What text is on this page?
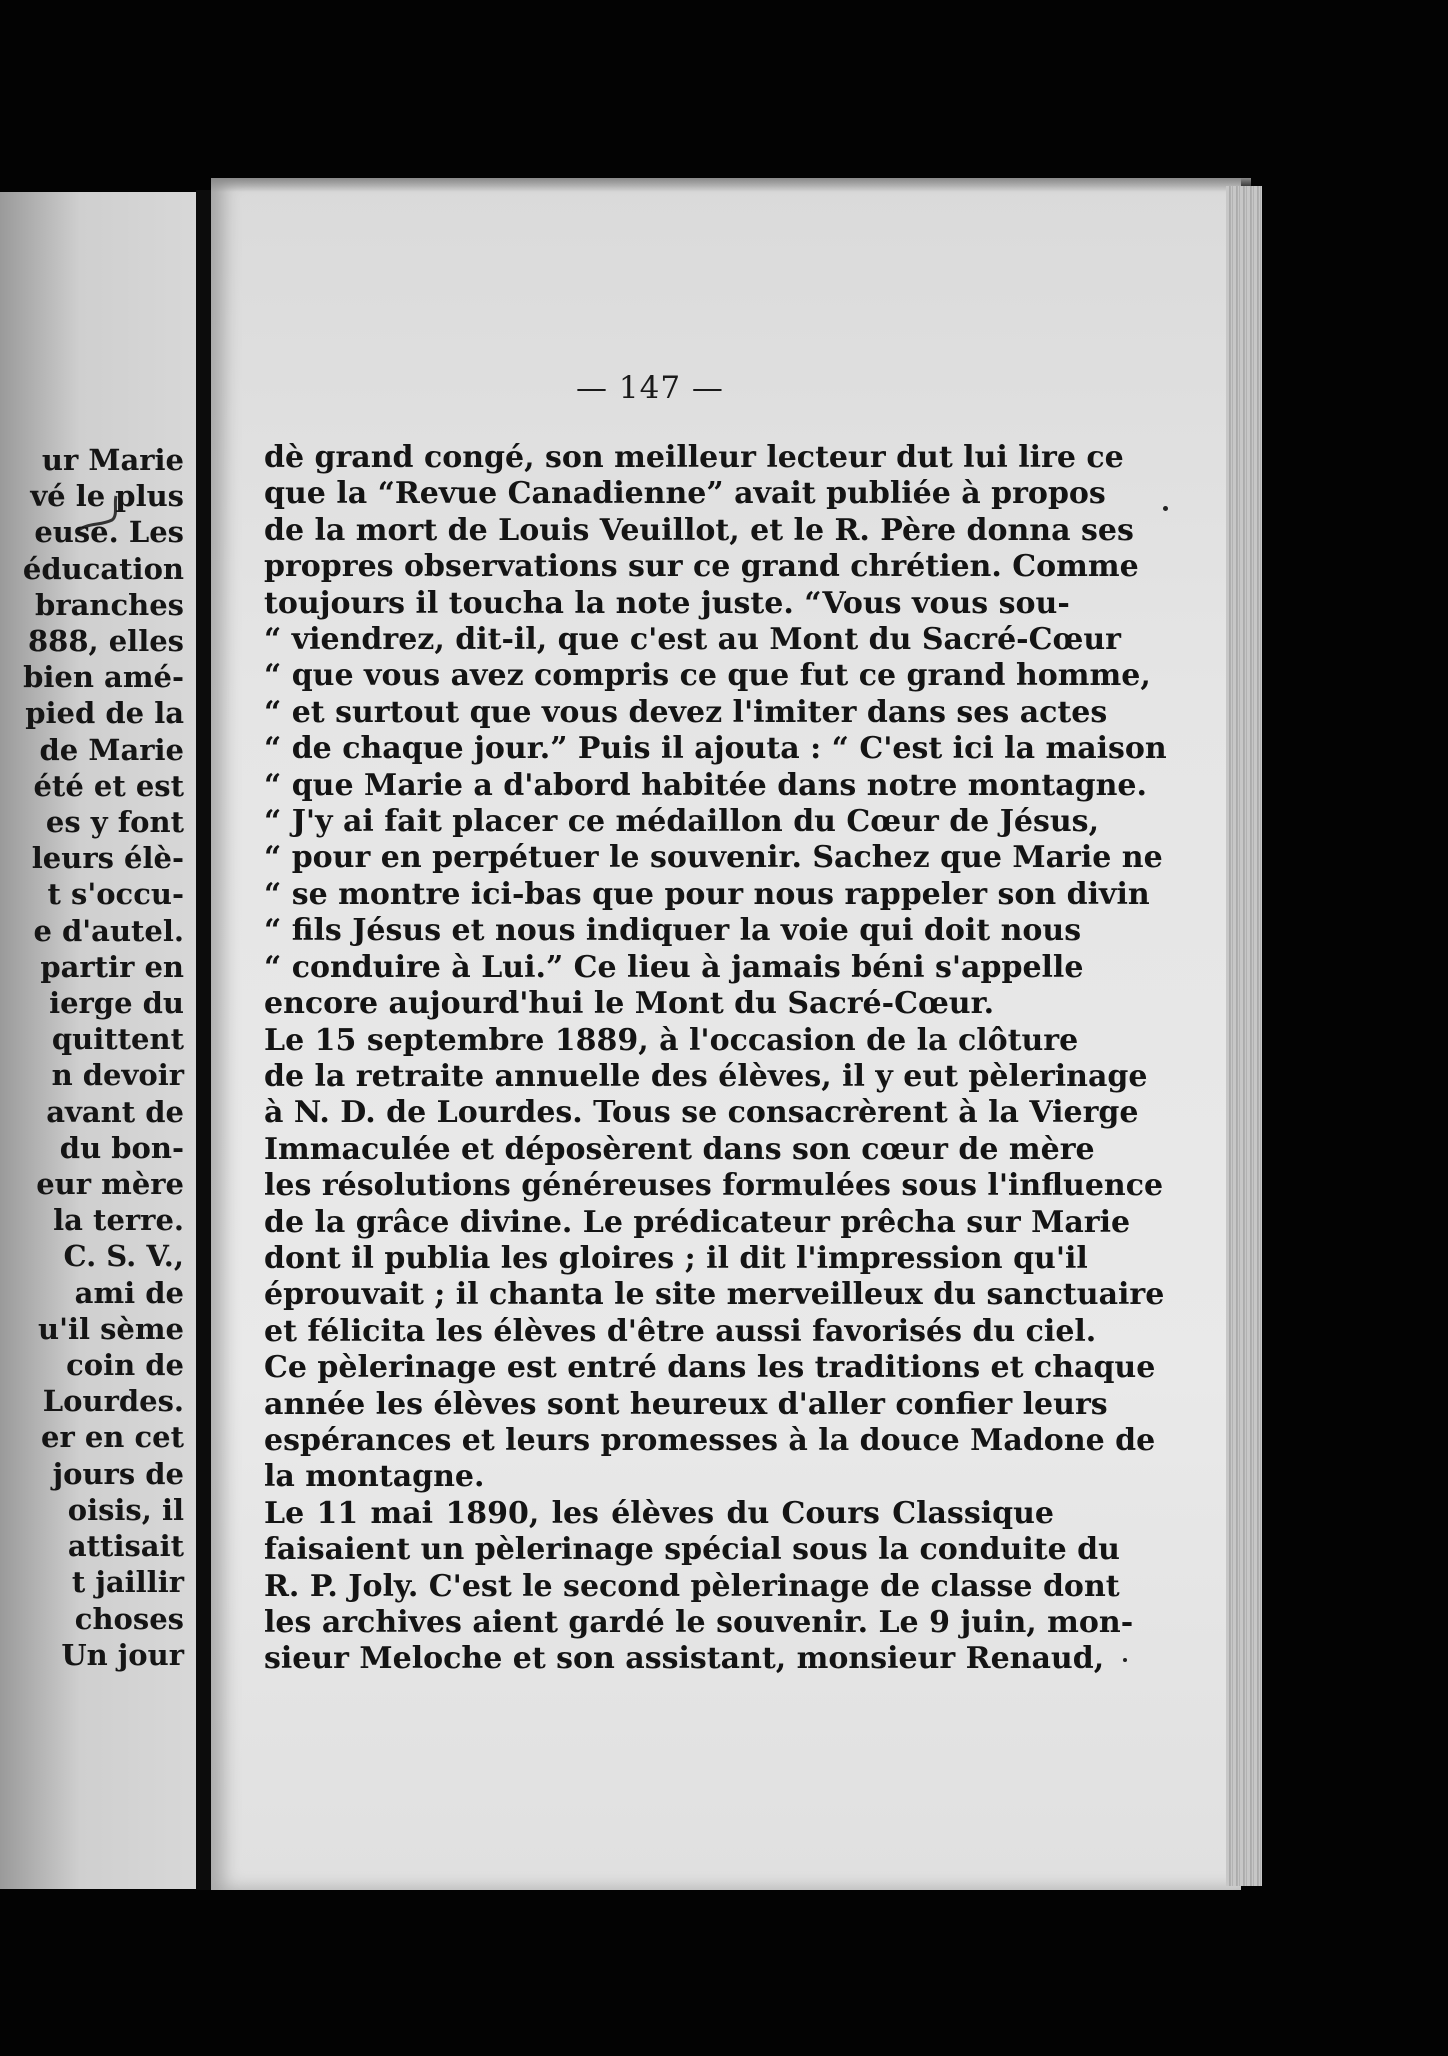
ur Marie
vé le plus
euse. Les
éducation
branches
888, elles
bien amé-
pied de la
de Marie
été et est
es y font
leurs élè-
t s'occu-
e d'autel.
partir en
ierge du
quittent
n devoir
avant de
du bon-
eur mère
la terre.
C. S. V.,
ami de
u'il sème
coin de
Lourdes.
er en cet
jours de
oisis, il
attisait
t jaillir
choses
Un jour
— 147 —
dè grand congé, son meilleur lecteur dut lui lire ce
que la “Revue Canadienne” avait publiée à propos
de la mort de Louis Veuillot, et le R. Père donna ses
propres observations sur ce grand chrétien. Comme
toujours il toucha la note juste. “Vous vous sou-
“ viendrez, dit-il, que c'est au Mont du Sacré-Cœur
“ que vous avez compris ce que fut ce grand homme,
“ et surtout que vous devez l'imiter dans ses actes
“ de chaque jour.” Puis il ajouta : “ C'est ici la maison
“ que Marie a d'abord habitée dans notre montagne.
“ J'y ai fait placer ce médaillon du Cœur de Jésus,
“ pour en perpétuer le souvenir. Sachez que Marie ne
“ se montre ici-bas que pour nous rappeler son divin
“ fils Jésus et nous indiquer la voie qui doit nous
“ conduire à Lui.” Ce lieu à jamais béni s'appelle
encore aujourd'hui le Mont du Sacré-Cœur.
Le 15 septembre 1889, à l'occasion de la clôture
de la retraite annuelle des élèves, il y eut pèlerinage
à N. D. de Lourdes. Tous se consacrèrent à la Vierge
Immaculée et déposèrent dans son cœur de mère
les résolutions généreuses formulées sous l'influence
de la grâce divine. Le prédicateur prêcha sur Marie
dont il publia les gloires ; il dit l'impression qu'il
éprouvait ; il chanta le site merveilleux du sanctuaire
et félicita les élèves d'être aussi favorisés du ciel.
Ce pèlerinage est entré dans les traditions et chaque
année les élèves sont heureux d'aller confier leurs
espérances et leurs promesses à la douce Madone de
la montagne.
Le 11 mai 1890, les élèves du Cours Classique
faisaient un pèlerinage spécial sous la conduite du
R. P. Joly. C'est le second pèlerinage de classe dont
les archives aient gardé le souvenir. Le 9 juin, mon-
sieur Meloche et son assistant, monsieur Renaud,
